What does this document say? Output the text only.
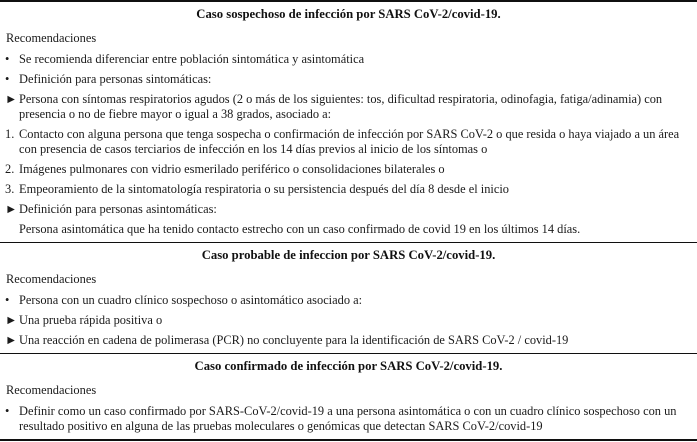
Caso sospechoso de infección por SARS CoV-2/covid-19.
Recomendaciones
• Se recomienda diferenciar entre población sintomática y asintomática
• Definición para personas sintomáticas:
► Persona con síntomas respiratorios agudos (2 o más de los siguientes: tos, dificultad respiratoria, odinofagia, fatiga/adinamia) con presencia o no de fiebre mayor o igual a 38 grados, asociado a:
1. Contacto con alguna persona que tenga sospecha o confirmación de infección por SARS CoV-2 o que resida o haya viajado a un área con presencia de casos terciarios de infección en los 14 días previos al inicio de los síntomas o
2. Imágenes pulmonares con vidrio esmerilado periférico o consolidaciones bilaterales o
3. Empeoramiento de la sintomatología respiratoria o su persistencia después del día 8 desde el inicio
► Definición para personas asintomáticas:
Persona asintomática que ha tenido contacto estrecho con un caso confirmado de covid 19 en los últimos 14 días.
Caso probable de infeccion por SARS CoV-2/covid-19.
Recomendaciones
• Persona con un cuadro clínico sospechoso o asintomático asociado a:
► Una prueba rápida positiva o
► Una reacción en cadena de polimerasa (PCR) no concluyente para la identificación de SARS CoV-2 / covid-19
Caso confirmado de infección por SARS CoV-2/covid-19.
Recomendaciones
• Definir como un caso confirmado por SARS-CoV-2/covid-19 a una persona asintomática o con un cuadro clínico sospechoso con un resultado positivo en alguna de las pruebas moleculares o genómicas que detectan SARS CoV-2/covid-19
